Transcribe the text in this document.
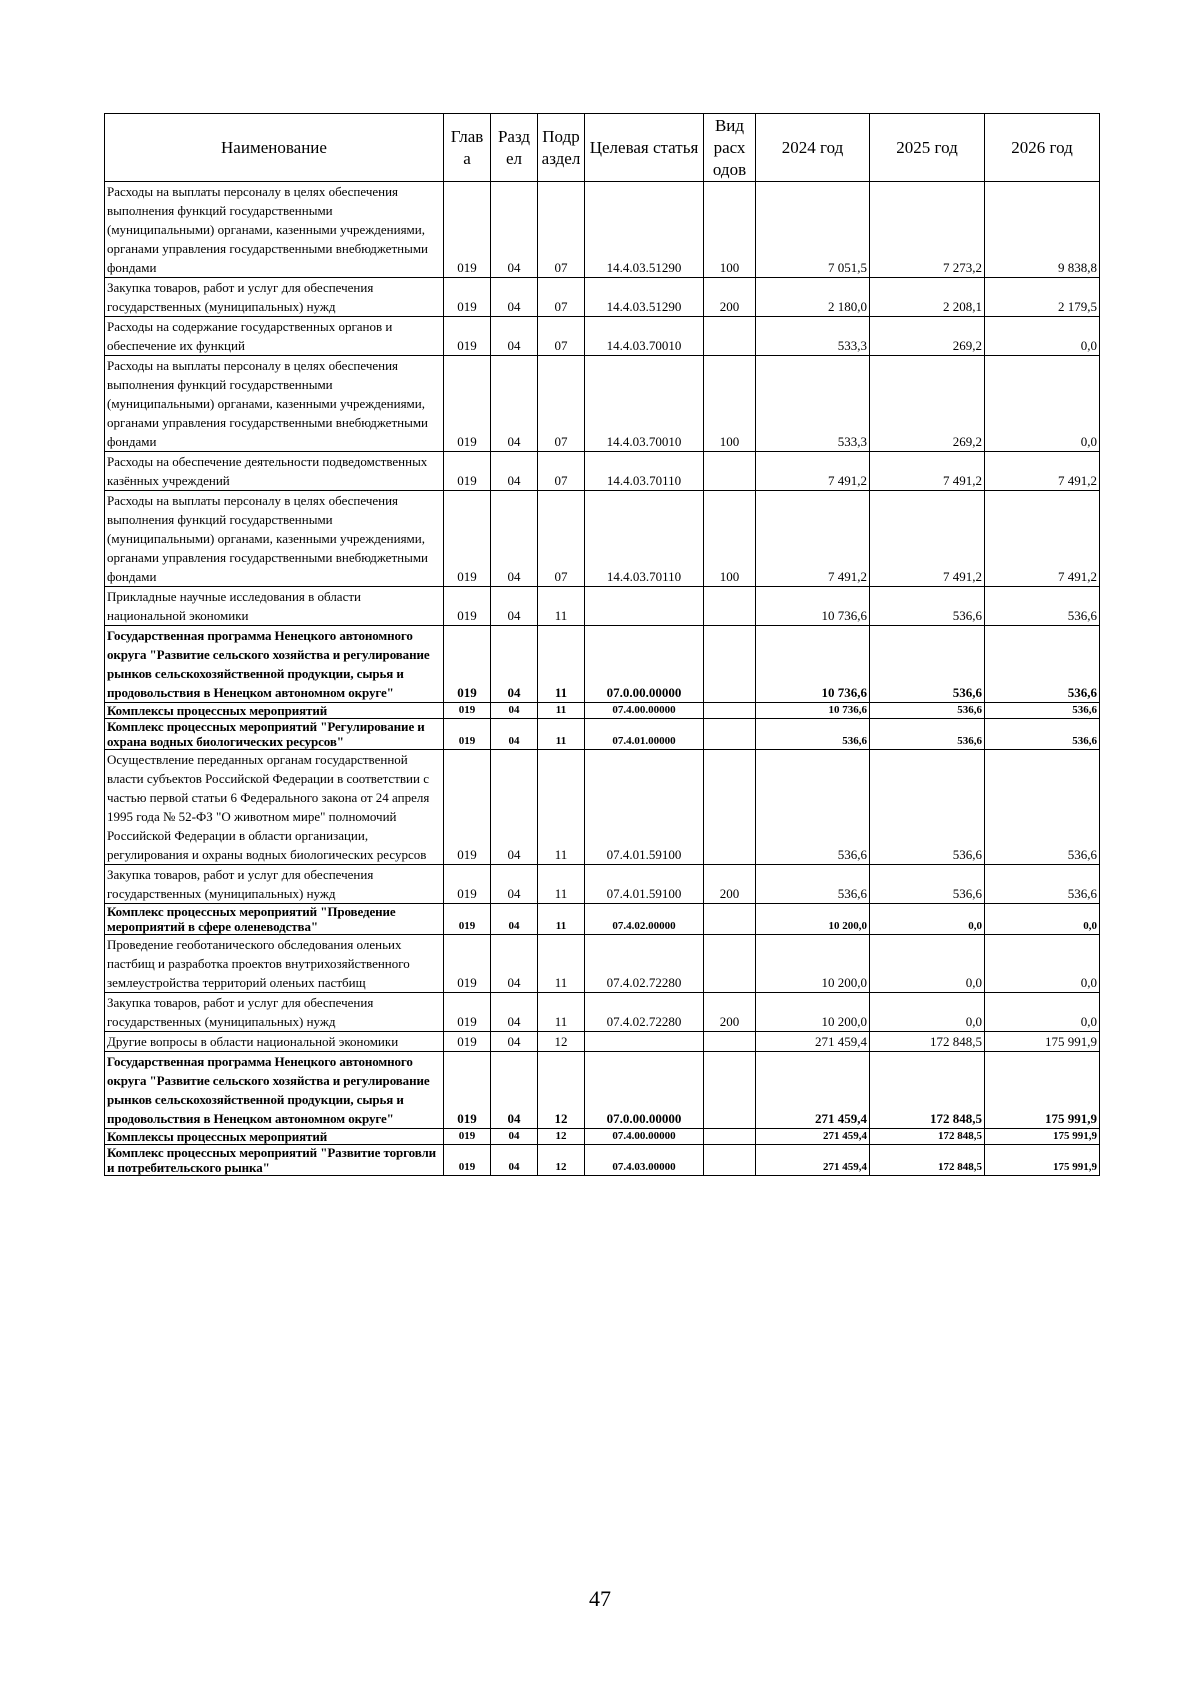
Наименование	Глав а	Разд ел	Подр аздел	Целевая статья	Вид расх одов	2024 год	2025 год	2026 год
Расходы на выплаты персоналу в целях обеспечения выполнения функций государственными (муниципальными) органами, казенными учреждениями, органами управления государственными внебюджетными фондами	019	04	07	14.4.03.51290	100	7 051,5	7 273,2	9 838,8
Закупка товаров, работ и услуг для обеспечения государственных (муниципальных) нужд	019	04	07	14.4.03.51290	200	2 180,0	2 208,1	2 179,5
Расходы на содержание государственных органов и обеспечение их функций	019	04	07	14.4.03.70010		533,3	269,2	0,0
Расходы на выплаты персоналу в целях обеспечения выполнения функций государственными (муниципальными) органами, казенными учреждениями, органами управления государственными внебюджетными фондами	019	04	07	14.4.03.70010	100	533,3	269,2	0,0
Расходы на обеспечение деятельности подведомственных казённых учреждений	019	04	07	14.4.03.70110		7 491,2	7 491,2	7 491,2
Расходы на выплаты персоналу в целях обеспечения выполнения функций государственными (муниципальными) органами, казенными учреждениями, органами управления государственными внебюджетными фондами	019	04	07	14.4.03.70110	100	7 491,2	7 491,2	7 491,2
Прикладные научные исследования в области национальной экономики	019	04	11			10 736,6	536,6	536,6
Государственная программа Ненецкого автономного округа "Развитие сельского хозяйства и регулирование рынков сельскохозяйственной продукции, сырья и продовольствия в Ненецком автономном округе"	019	04	11	07.0.00.00000		10 736,6	536,6	536,6
Комплексы процессных мероприятий	019	04	11	07.4.00.00000		10 736,6	536,6	536,6
Комплекс процессных мероприятий "Регулирование и охрана водных биологических ресурсов"	019	04	11	07.4.01.00000		536,6	536,6	536,6
Осуществление переданных органам государственной власти субъектов Российской Федерации в соответствии с частью первой статьи 6 Федерального закона от 24 апреля 1995 года № 52-ФЗ "О животном мире" полномочий Российской Федерации в области организации, регулирования и охраны водных биологических ресурсов	019	04	11	07.4.01.59100		536,6	536,6	536,6
Закупка товаров, работ и услуг для обеспечения государственных (муниципальных) нужд	019	04	11	07.4.01.59100	200	536,6	536,6	536,6
Комплекс процессных мероприятий "Проведение мероприятий в сфере оленеводства"	019	04	11	07.4.02.00000		10 200,0	0,0	0,0
Проведение геоботанического обследования оленьих пастбищ и разработка проектов внутрихозяйственного землеустройства территорий оленьих пастбищ	019	04	11	07.4.02.72280		10 200,0	0,0	0,0
Закупка товаров, работ и услуг для обеспечения государственных (муниципальных) нужд	019	04	11	07.4.02.72280	200	10 200,0	0,0	0,0
Другие вопросы в области национальной экономики	019	04	12			271 459,4	172 848,5	175 991,9
Государственная программа Ненецкого автономного округа "Развитие сельского хозяйства и регулирование рынков сельскохозяйственной продукции, сырья и продовольствия в Ненецком автономном округе"	019	04	12	07.0.00.00000		271 459,4	172 848,5	175 991,9
Комплексы процессных мероприятий	019	04	12	07.4.00.00000		271 459,4	172 848,5	175 991,9
Комплекс процессных мероприятий "Развитие торговли и потребительского рынка"	019	04	12	07.4.03.00000		271 459,4	172 848,5	175 991,9
47
